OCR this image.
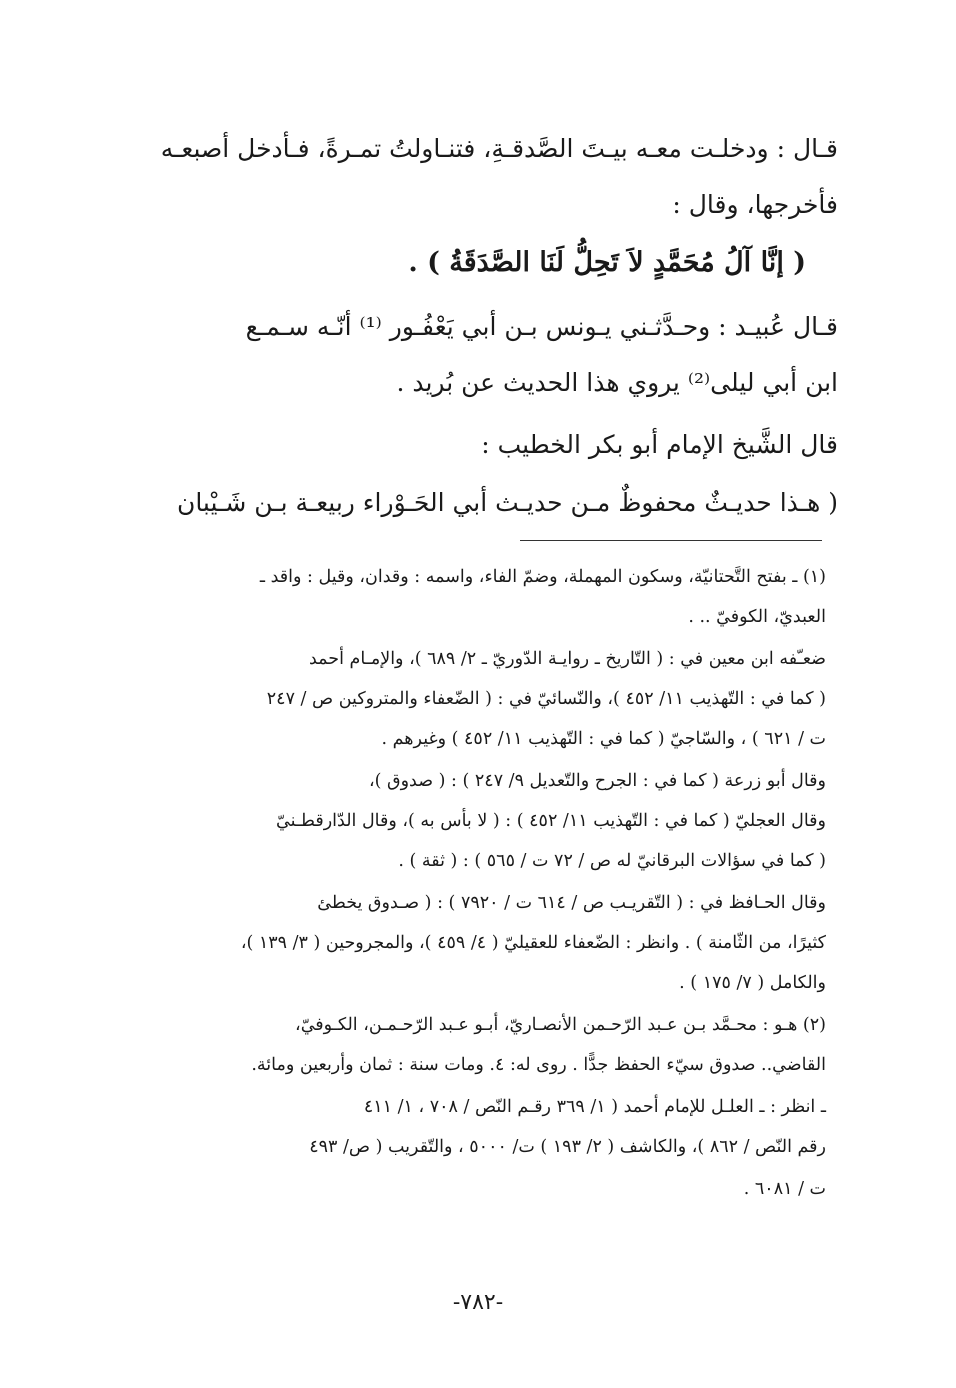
قـال : ودخلـت معـه بيـتَ الصَّدقـةِ، فتنـاولتُ تمـرةً، فـأدخل أصبعـه
فأخرجها، وقال :
( إنَّا آلُ مُحَمَّدٍ لاَ تَحِلُّ لَنَا الصَّدَقَةُ ) .
قـال عُبيـد : وحـدَّثـني يـونس بـن أبي يَعْفُـور ⁽¹⁾ أنّـه سـمـع
ابن أبي ليلى⁽²⁾ يروي هذا الحديث عن بُريد .
قال الشَّيخ الإمام أبو بكر الخطيب :
( هـذا حديـثٌ محفوظٌ مـن حديـث أبي الحَـوْراء ربيعـة بـن شَـيْبان
(١) ـ بفتح التَّحتانيّة، وسكون المهملة، وضمّ الفاء، واسمه : وقدان، وقيل : واقد ـ
العبديّ، الكوفيّ .. .
ضعـّفه ابن معين في : ( التّاريخ ـ روايـة الدّوريّ ـ ٢/ ٦٨٩ )، والإمـام أحمد
( كما في : التّهذيب ١١/ ٤٥٢ )، والنّسائيّ في : ( الضّعفاء والمتروكين ص / ٢٤٧
ت / ٦٢١ ) ، والسّاجيّ ( كما في : التّهذيب ١١/ ٤٥٢ ) وغيرهم .
وقال أبو زرعة ( كما في : الجرح والتّعديل ٩/ ٢٤٧ ) : ( صدوق )،
وقال العجليّ ( كما في : التّهذيب ١١/ ٤٥٢ ) : ( لا بأس به )، وقال الدّارقطـنيّ
( كما في سؤالات البرقانيّ له ص / ٧٢ ت / ٥٦٥ ) : ( ثقة ) .
وقال الحـافظ في : ( التّقريـب ص / ٦١٤ ت / ٧٩٢٠ ) : ( صـدوق يخطئ
كثيرًا، من الثّامنة ) . وانظر : الضّعفاء للعقيليّ ( ٤/ ٤٥٩ )، والمجروحين ( ٣/ ١٣٩ )،
والكامل ( ٧/ ١٧٥ ) .
(٢) هـو : محـمَّد بـن عـبد الرّحـمن الأنصـاريّ، أبـو عـبد الرّحـمـن، الكـوفيّ،
القاضي.. صدوق سيّء الحفظ جدًّا . روى له: ٤. ومات سنة : ثمان وأربعين ومائة.
ـ انظر : ـ العلـل للإمام أحمد ( ١/ ٣٦٩ رقـم النّص / ٧٠٨ ، ١/ ٤١١
رقم النّص / ٨٦٢ )، والكاشف ( ٢/ ١٩٣ ) ت/ ٥٠٠٠ ، والتّقريب ( ص/ ٤٩٣
ت / ٦٠٨١ .
-٧٨٢-
